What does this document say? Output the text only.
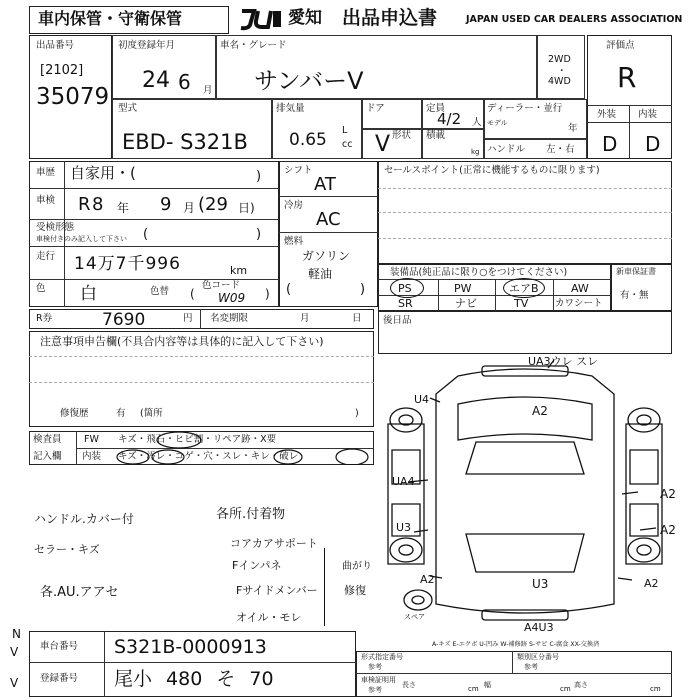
車内保管・守衛保管	愛知 出品申込書	JAPAN USED CAR DEALERS ASSOCIATION
出品番号
[2102]
35079
初度登録年月
24 6 月
車名・グレード
サンバーV
2WD
・
4WD
評価点
R
外装 内装
D D
型式
EBD- S321B
排気量
0.65 L
cc
ドア	定員
4/2 人
ディーラー・並行
モデル	年
形状
V	積載
kg ハンドル 左・右
車歴 自家用・(	)
車検 R 8 年 9 月 (29 日)
受検形態
車検付きのみ記入して下さい (	)
走行 14万7千996	km
色 白	色替
色コード
( W09 )
シフト
AT
冷房
AC
燃料
ガソリン
(
軽油
)
セールスポイント(正常に機能するものに限ります)
装備品(純正品に限り○をつけてください)
PS	PW	エアB	AW
SR	ナビ	TV	カワシート
新車保証書
有・無
R券	7690	円 名変期限	月	日 後日品
注意事項申告欄(不具合内容等は具体的に記入して下さい)
修復歴	有 (箇所	)
検査員
記入欄
FW キズ・飛石・ヒビ割・リペア跡・X要
内装 キズ・汚レ・コゲ・穴・スレ・キレ・破レ
ハンドル.カバー付
セラー・キズ
各.AU.アアセ
各所.付着物
コアカアサポート
Fインパネ
Fサイドメンバー
オイル・モレ
曲がり
修復
UA3ウレ スレ
U4
A2
UA4
A2
U3	A2
A2	U3	A2
スペア
A4U3
A-キズ E-エクボ U-凹み W-補修跡 S-サビ C-腐食 XX-交換済
車台番号 S321B-0000913
登録番号 尾小 480 そ 70
形式指定番号
参考
類別区分番号
参考
車検証明用
参考
長さ	cm 幅	cm 高さ	cm
N
V
V
